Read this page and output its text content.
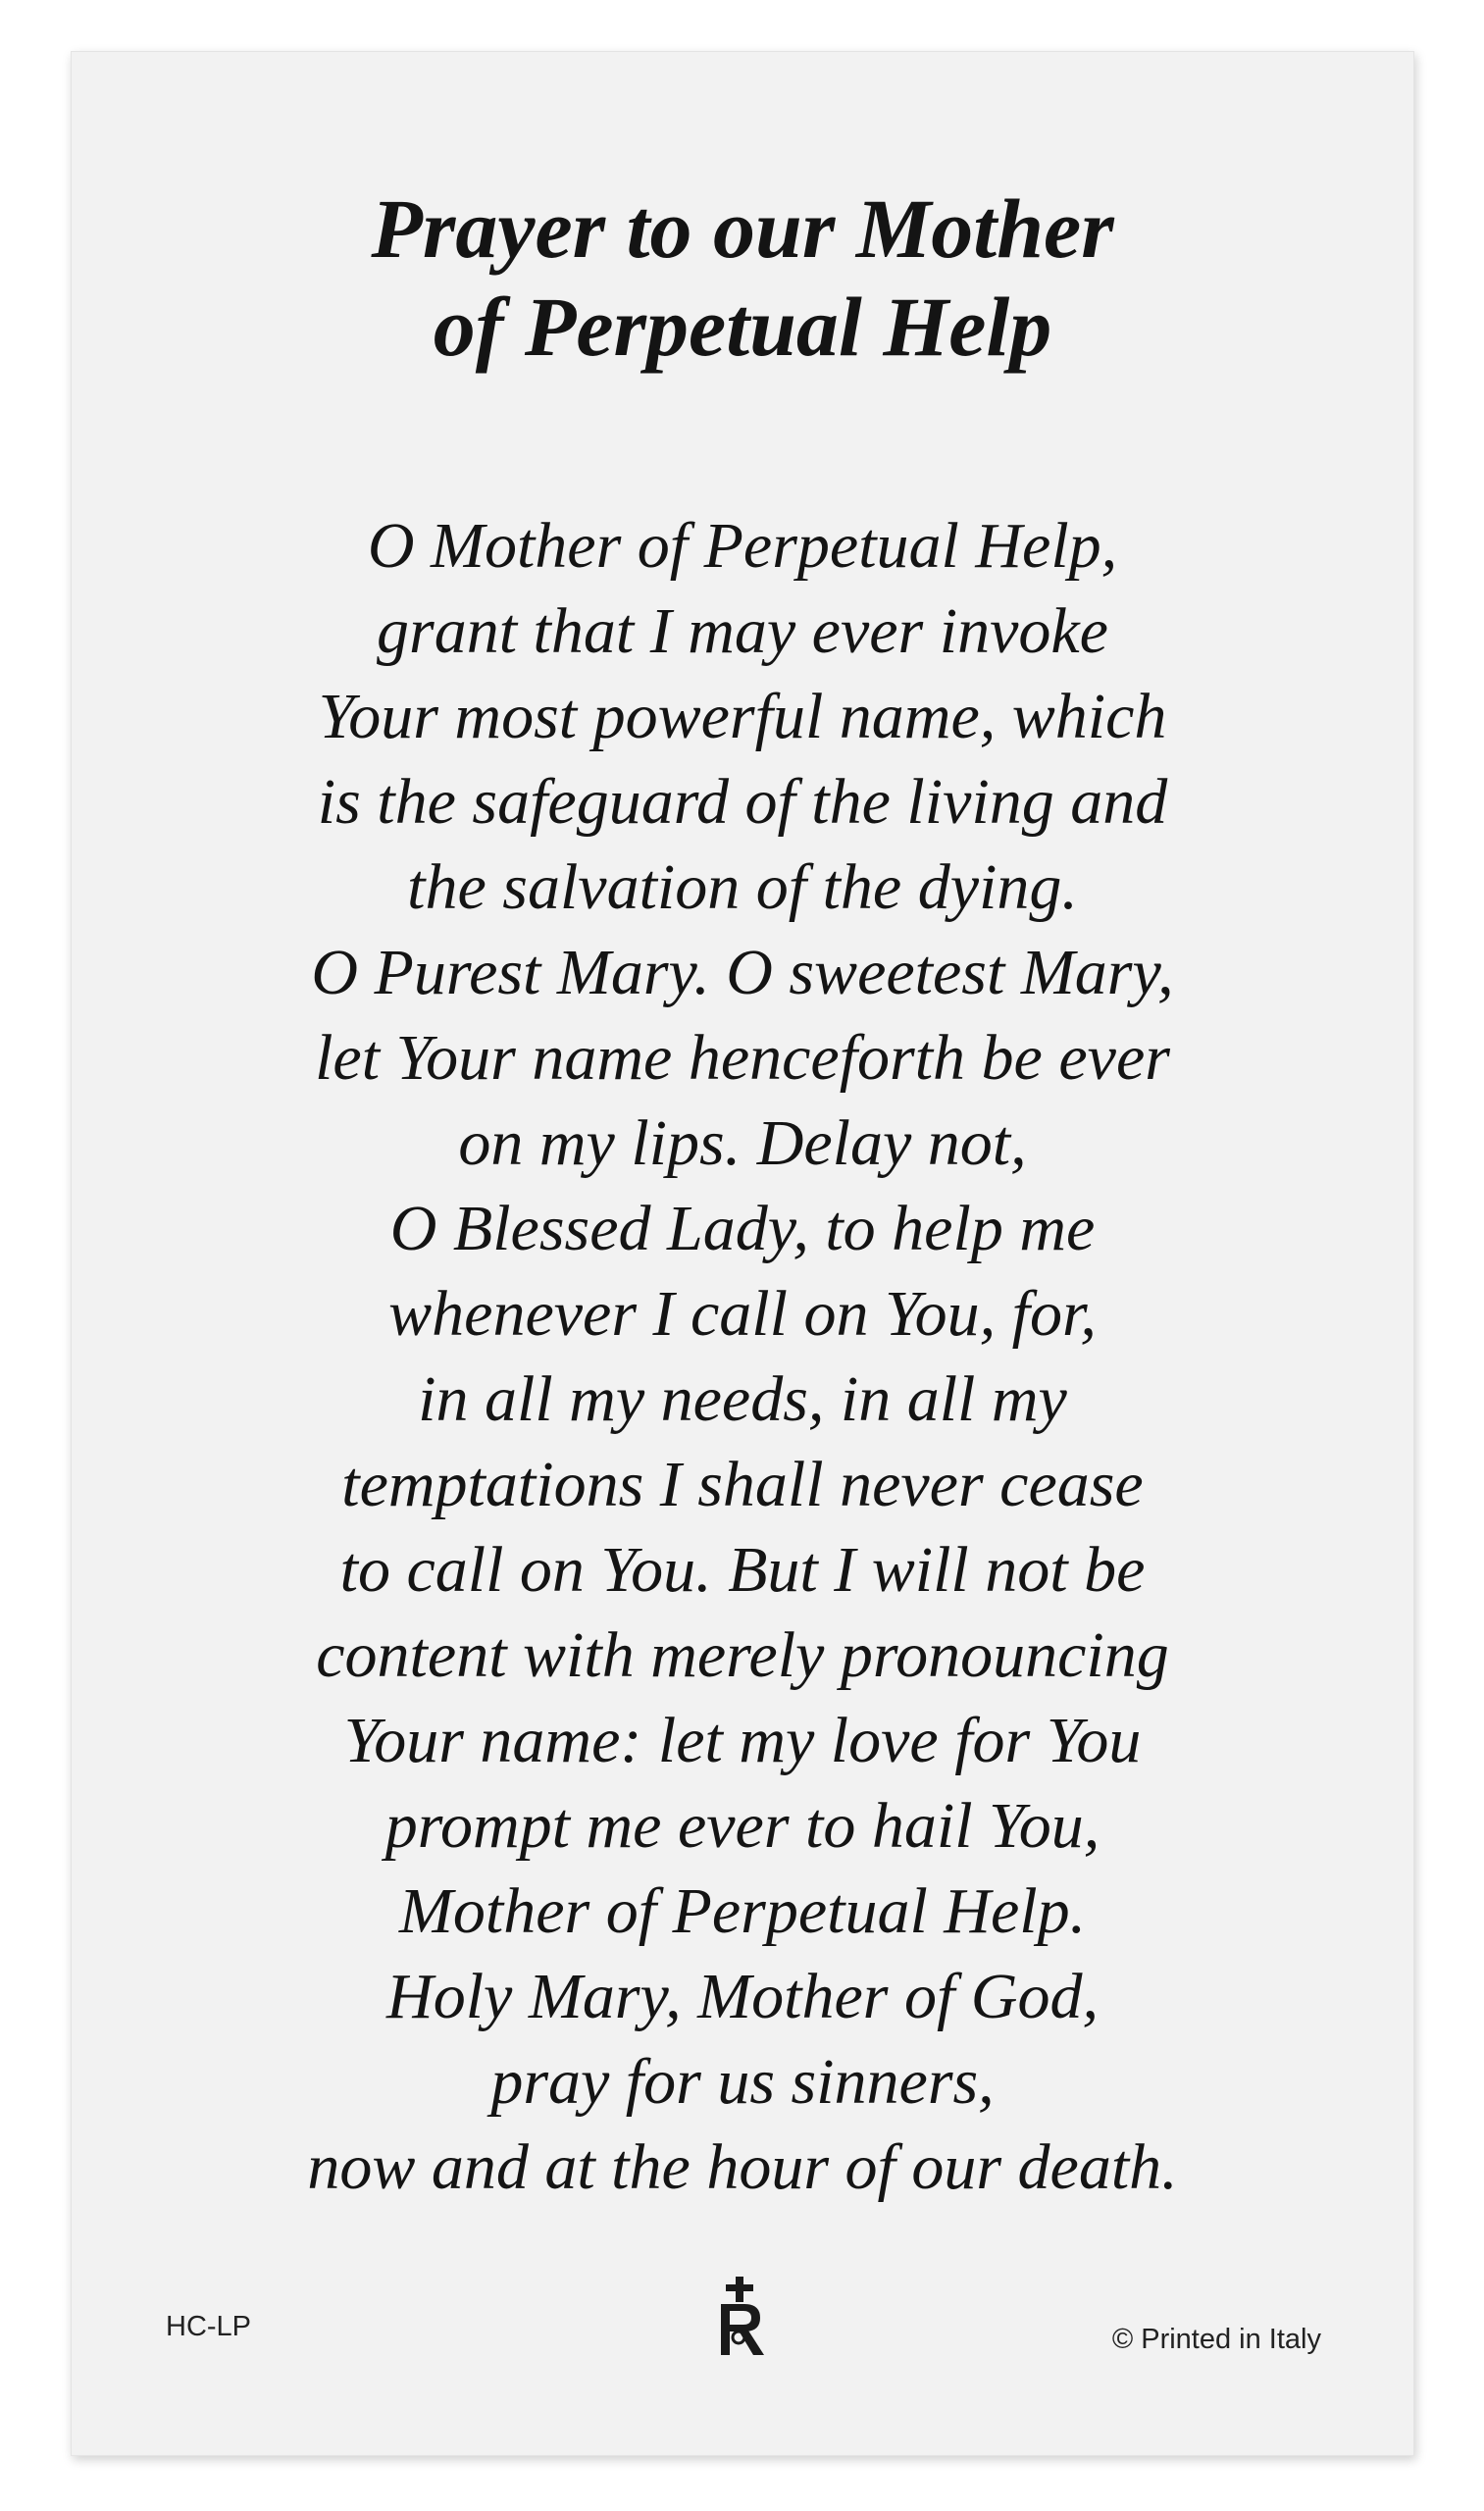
Prayer to our Mother
of Perpetual Help
O Mother of Perpetual Help,
grant that I may ever invoke
Your most powerful name, which
is the safeguard of the living and
the salvation of the dying.
O Purest Mary. O sweetest Mary,
let Your name henceforth be ever
on my lips. Delay not,
O Blessed Lady, to help me
whenever I call on You, for,
in all my needs, in all my
temptations I shall never cease
to call on You. But I will not be
content with merely pronouncing
Your name: let my love for You
prompt me ever to hail You,
Mother of Perpetual Help.
Holy Mary, Mother of God,
pray for us sinners,
now and at the hour of our death.
HC-LP	© Printed in Italy
